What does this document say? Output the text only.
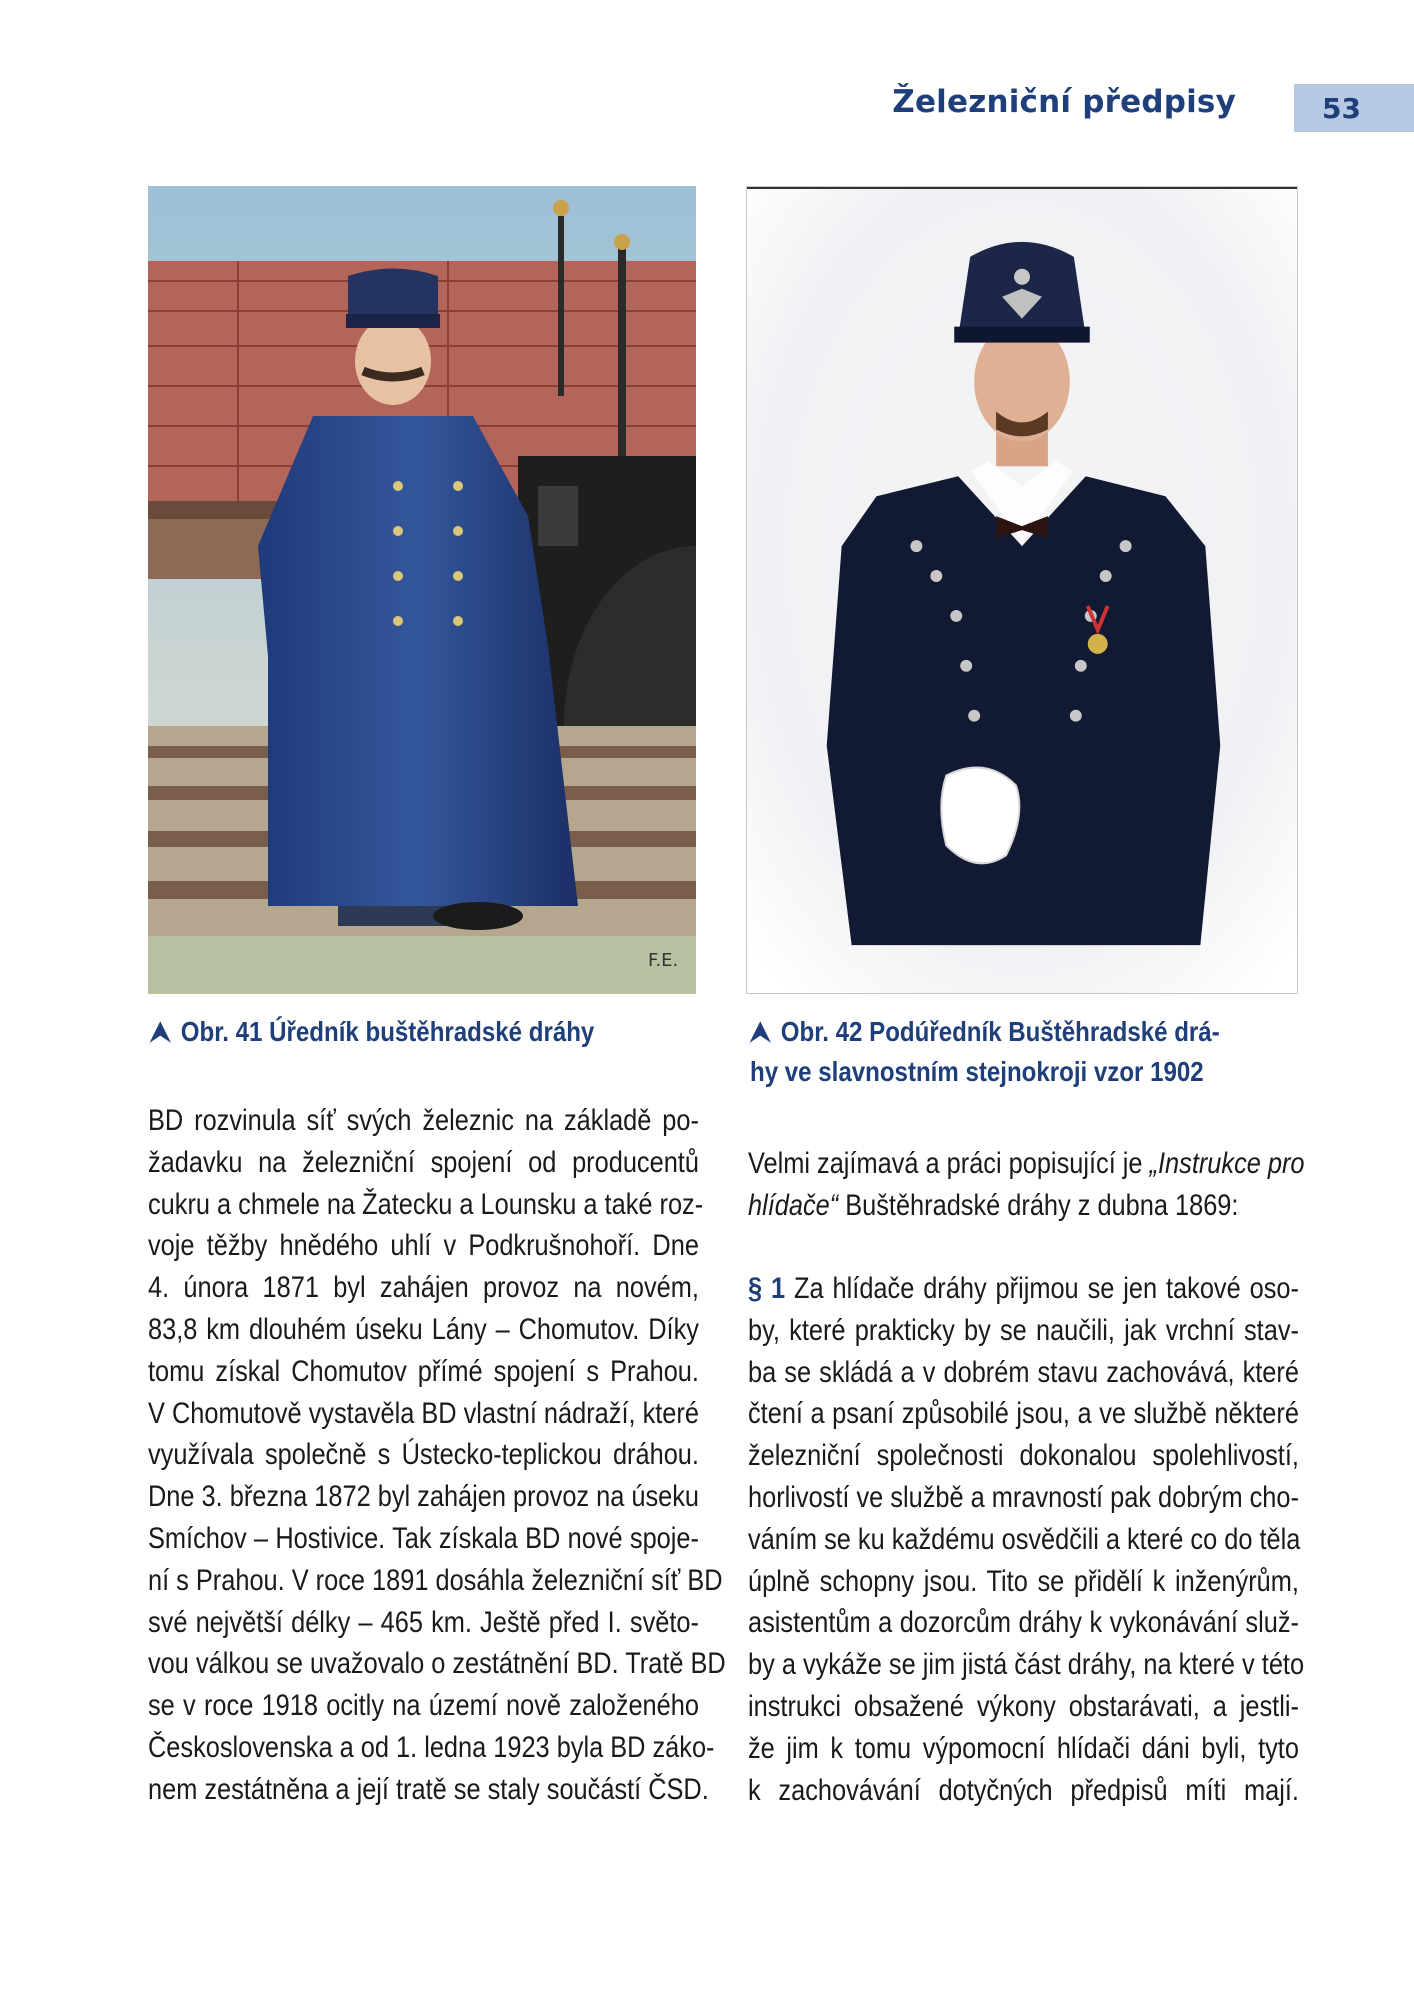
Železniční předpisy	53
F.E.
⮝ Obr. 41 Úředník buštěhradské dráhy	⮝ Obr. 42 Podúředník Buštěhradské drá-
hy ve slavnostním stejnokroji vzor 1902
BD rozvinula síť svých železnic na základě po-
žadavku na železniční spojení od producentů
cukru a chmele na Žatecku a Lounsku a také roz-
voje těžby hnědého uhlí v Podkrušnohoří. Dne
4. února 1871 byl zahájen provoz na novém,
83,8 km dlouhém úseku Lány – Chomutov. Díky
tomu získal Chomutov přímé spojení s Prahou.
V Chomutově vystavěla BD vlastní nádraží, které
využívala společně s Ústecko-teplickou dráhou.
Dne 3. března 1872 byl zahájen provoz na úseku
Smíchov – Hostivice. Tak získala BD nové spoje-
ní s Prahou. V roce 1891 dosáhla železniční síť BD
své největší délky – 465 km. Ještě před I. světo-
vou válkou se uvažovalo o zestátnění BD. Tratě BD
se v roce 1918 ocitly na území nově založeného
Československa a od 1. ledna 1923 byla BD záko-
nem zestátněna a její tratě se staly součástí ČSD.
Velmi zajímavá a práci popisující je „Instrukce pro
hlídače“ Buštěhradské dráhy z dubna 1869:
§ 1 Za hlídače dráhy přijmou se jen takové oso-
by, které prakticky by se naučili, jak vrchní stav-
ba se skládá a v dobrém stavu zachovává, které
čtení a psaní způsobilé jsou, a ve službě některé
železniční společnosti dokonalou spolehlivostí,
horlivostí ve službě a mravností pak dobrým cho-
váním se ku každému osvědčili a které co do těla
úplně schopny jsou. Tito se přidělí k inženýrům,
asistentům a dozorcům dráhy k vykonávání služ-
by a vykáže se jim jistá část dráhy, na které v této
instrukci obsažené výkony obstarávati, a jestli-
že jim k tomu výpomocní hlídači dáni byli, tyto
k zachovávání dotyčných předpisů míti mají.
